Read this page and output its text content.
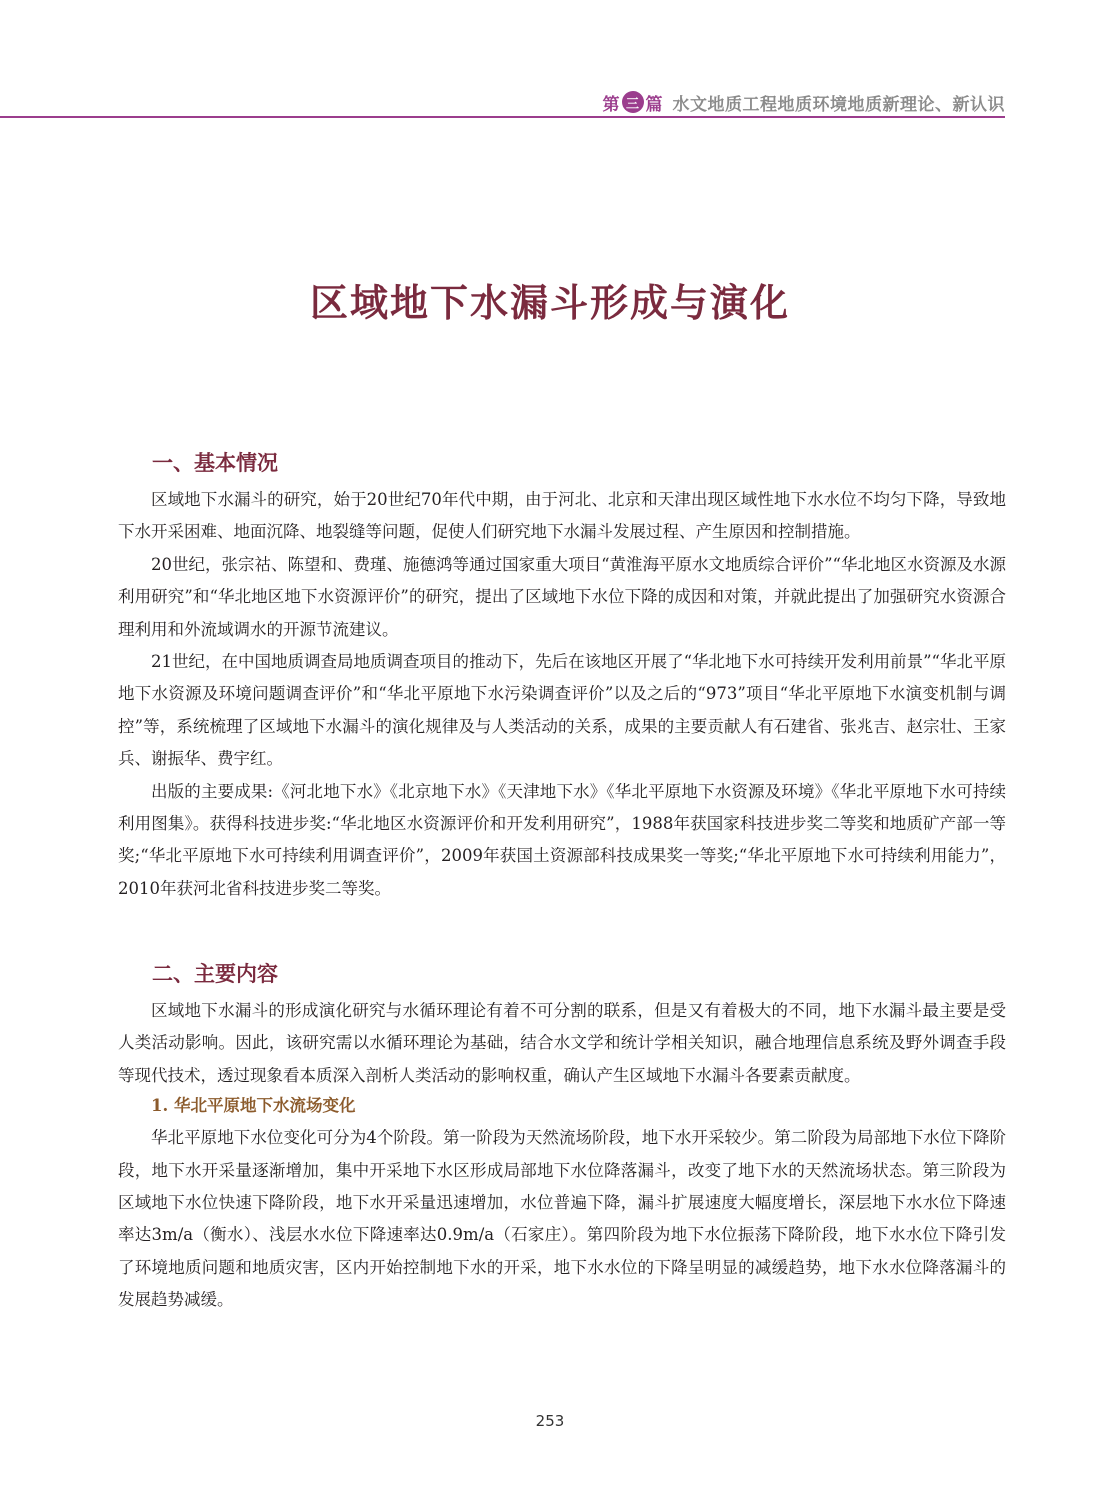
第 三 篇 水文地质工程地质环境地质新理论、新认识
区域地下水漏斗形成与演化
一、基本情况

区域地下水漏斗的研究，始于20世纪70年代中期，由于河北、北京和天津出现区域性地下水水位不均匀下降，导致地下水开采困难、地面沉降、地裂缝等问题，促使人们研究地下水漏斗发展过程、产生原因和控制措施。

20世纪，张宗祜、陈望和、费瑾、施德鸿等通过国家重大项目“黄淮海平原水文地质综合评价”“华北地区水资源及水源利用研究”和“华北地区地下水资源评价”的研究，提出了区域地下水位下降的成因和对策，并就此提出了加强研究水资源合理利用和外流域调水的开源节流建议。

21世纪，在中国地质调查局地质调查项目的推动下，先后在该地区开展了“华北地下水可持续开发利用前景”“华北平原地下水资源及环境问题调查评价”和“华北平原地下水污染调查评价”以及之后的“973”项目“华北平原地下水演变机制与调控”等，系统梳理了区域地下水漏斗的演化规律及与人类活动的关系，成果的主要贡献人有石建省、张兆吉、赵宗壮、王家兵、谢振华、费宇红。

出版的主要成果:《河北地下水》《北京地下水》《天津地下水》《华北平原地下水资源及环境》《华北平原地下水可持续利用图集》。获得科技进步奖:“华北地区水资源评价和开发利用研究”，1988年获国家科技进步奖二等奖和地质矿产部一等奖;“华北平原地下水可持续利用调查评价”，2009年获国土资源部科技成果奖一等奖;“华北平原地下水可持续利用能力”，2010年获河北省科技进步奖二等奖。

二、主要内容

区域地下水漏斗的形成演化研究与水循环理论有着不可分割的联系，但是又有着极大的不同，地下水漏斗最主要是受人类活动影响。因此，该研究需以水循环理论为基础，结合水文学和统计学相关知识，融合地理信息系统及野外调查手段等现代技术，透过现象看本质深入剖析人类活动的影响权重，确认产生区域地下水漏斗各要素贡献度。

1. 华北平原地下水流场变化

华北平原地下水位变化可分为4个阶段。第一阶段为天然流场阶段，地下水开采较少。第二阶段为局部地下水位下降阶段，地下水开采量逐渐增加，集中开采地下水区形成局部地下水位降落漏斗，改变了地下水的天然流场状态。第三阶段为区域地下水位快速下降阶段，地下水开采量迅速增加，水位普遍下降，漏斗扩展速度大幅度增长，深层地下水水位下降速率达3m/a（衡水）、浅层水水位下降速率达0.9m/a（石家庄）。第四阶段为地下水位振荡下降阶段，地下水水位下降引发了环境地质问题和地质灾害，区内开始控制地下水的开采，地下水水位的下降呈明显的减缓趋势，地下水水位降落漏斗的发展趋势减缓。

253
